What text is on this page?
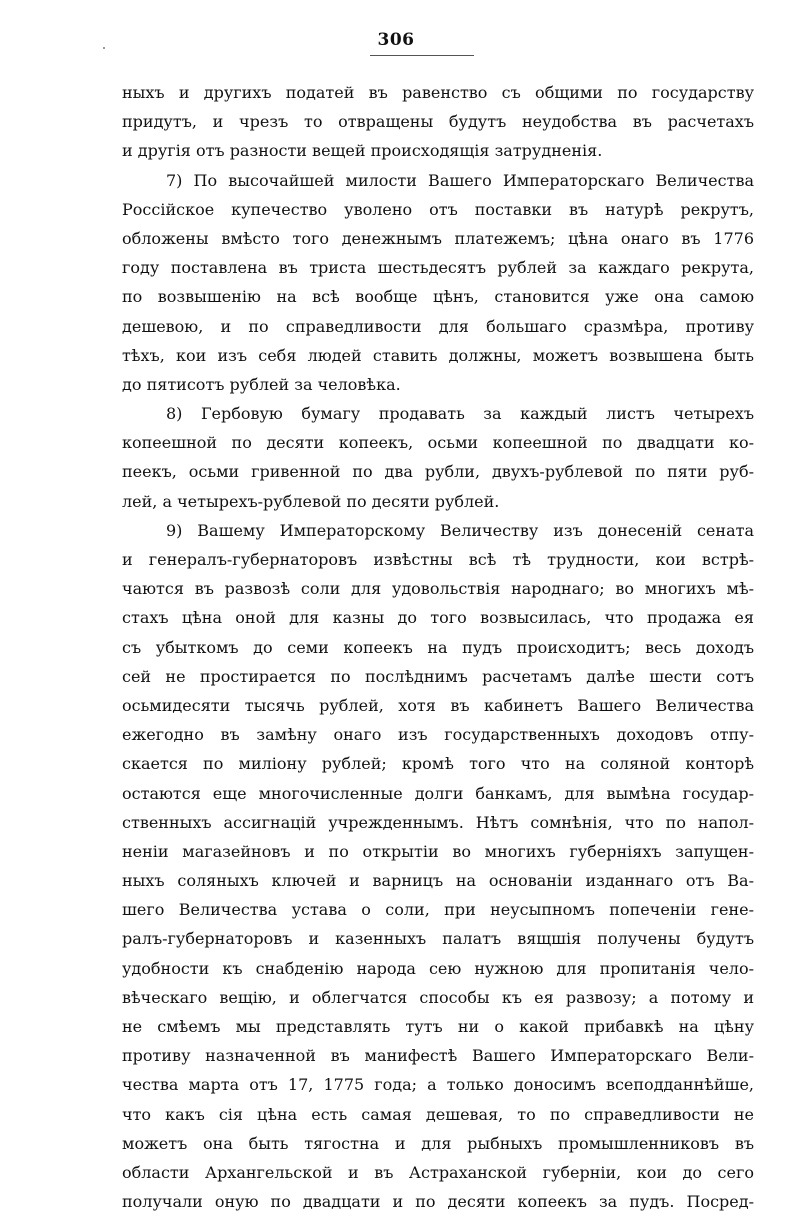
306
ныхъ и другихъ податей въ равенство съ общими по государству
придутъ, и чрезъ то отвращены будутъ неудобства въ расчетахъ
и другія отъ разности вещей происходящія затрудненія.
7) По высочайшей милости Вашего Императорскаго Величества
Россійское купечество уволено отъ поставки въ натурѣ рекрутъ,
обложены вмѣсто того денежнымъ платежемъ; цѣна онаго въ 1776
году поставлена въ триста шестьдесятъ рублей за каждаго рекрута,
по возвышенію на всѣ вообще цѣнъ, становится уже она самою
дешевою, и по справедливости для большаго сразмѣра, противу
тѣхъ, кои изъ себя людей ставить должны, можетъ возвышена быть
до пятисотъ рублей за человѣка.
8) Гербовую бумагу продавать за каждый листъ четырехъ
копеешной по десяти копеекъ, осьми копеешной по двадцати ко-
пеекъ, осьми гривенной по два рубли, двухъ-рублевой по пяти руб-
лей, а четырехъ-рублевой по десяти рублей.
9) Вашему Императорскому Величеству изъ донесеній сената
и генералъ-губернаторовъ извѣстны всѣ тѣ трудности, кои встрѣ-
чаются въ развозѣ соли для удовольствія народнаго; во многихъ мѣ-
стахъ цѣна оной для казны до того возвысилась, что продажа ея
съ убыткомъ до семи копеекъ на пудъ происходитъ; весь доходъ
сей не простирается по послѣднимъ расчетамъ далѣе шести сотъ
осьмидесяти тысячь рублей, хотя въ кабинетъ Вашего Величества
ежегодно въ замѣну онаго изъ государственныхъ доходовъ отпу-
скается по миліону рублей; кромѣ того что на соляной конторѣ
остаются еще многочисленные долги банкамъ, для вымѣна государ-
ственныхъ ассигнацій учрежденнымъ. Нѣтъ сомнѣнія, что по напол-
неніи магазейновъ и по открытіи во многихъ губерніяхъ запущен-
ныхъ соляныхъ ключей и варницъ на основаніи изданнаго отъ Ва-
шего Величества устава о соли, при неусыпномъ попеченіи гене-
ралъ-губернаторовъ и казенныхъ палатъ вящшія получены будутъ
удобности къ снабденію народа сею нужною для пропитанія чело-
вѣческаго вещію, и облегчатся способы къ ея развозу; а потому и
не смѣемъ мы представлять тутъ ни о какой прибавкѣ на цѣну
противу назначенной въ манифестѣ Вашего Императорскаго Вели-
чества марта отъ 17, 1775 года; а только доносимъ всеподданнѣйше,
что какъ сія цѣна есть самая дешевая, то по справедливости не
можетъ она быть тягостна и для рыбныхъ промышленниковъ въ
области Архангельской и въ Астраханской губерніи, кои до сего
получали оную по двадцати и по десяти копеекъ за пудъ. Посред-
